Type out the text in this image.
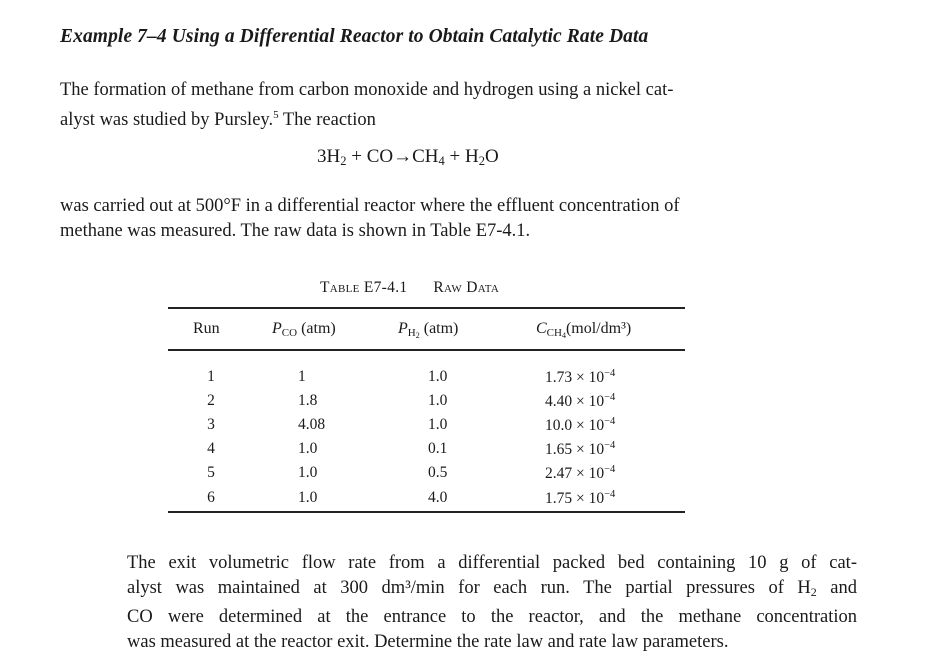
Example 7–4 Using a Differential Reactor to Obtain Catalytic Rate Data

The formation of methane from carbon monoxide and hydrogen using a nickel cat-
alyst was studied by Pursley.$^5$ The reaction

$3H_2 + CO\to CH_4 + H_2O$

was carried out at 500°F in a differential reactor where the effluent concentration of
methane was measured. The raw data is shown in Table E7-4.1.

Table E7-4.1 Raw Data
Run	$P_{CO}$ (atm)	$P_{H_2}$ (atm)	$C_{CH_4}(mol/dm^3)$
1	1	1.0	$1.73 \times 10^{-4}$
2	1.8	1.0	$4.40 \times 10^{-4}$
3	4.08	1.0	$10.0 \times 10^{-4}$
4	1.0	0.1	$1.65 \times 10^{-4}$
5	1.0	0.5	$2.47 \times 10^{-4}$
6	1.0	4.0	$1.75 \times 10^{-4}$

The exit volumetric flow rate from a differential packed bed containing 10 g of cat-
alyst was maintained at 300 dm³/min for each run. The partial pressures of $H_2$ and
CO were determined at the entrance to the reactor, and the methane concentration
was measured at the reactor exit. Determine the rate law and rate law parameters.
